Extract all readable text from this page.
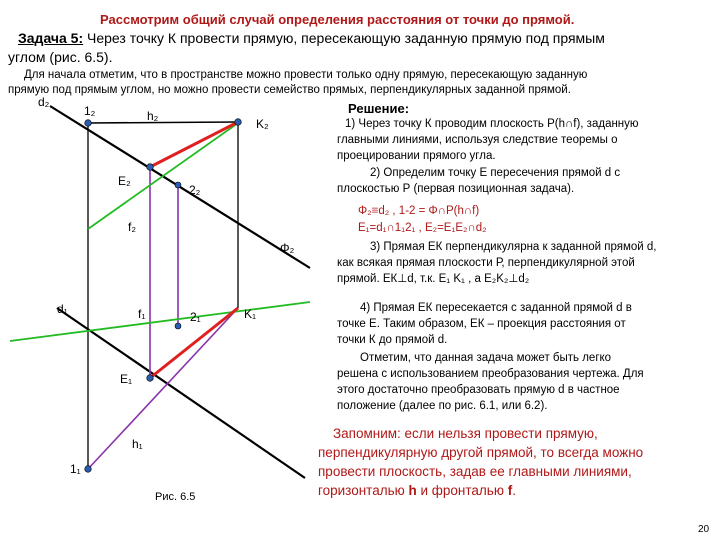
Рассмотрим общий случай определения расстояния от точки до прямой.
Задача 5: Через точку К провести прямую, пересекающую заданную прямую под прямым
углом (рис. 6.5).
Для начала отметим, что в пространстве можно провести только одну прямую, пересекающую заданную
прямую под прямым углом, но можно провести семейство прямых, перпендикулярных заданной прямой.
Решение:
1) Через точку К проводим плоскость Р(h∩f), заданную
главными линиями, используя следствие теоремы о
проецировании прямого угла.
2) Определим точку Е пересечения прямой d с
плоскостью Р (первая позиционная задача).
Φ₂≡d₂ , 1-2 = Φ∩P(h∩f)
E₁=d₁∩1₁2₁ , E₂=E₁E₂∩d₂
3) Прямая ЕК перпендикулярна к заданной прямой d,
как всякая прямая плоскости Р, перпендикулярной этой
прямой. ЕК⊥d, т.к. E₁ K₁ , а E₂K₂⊥d₂
4) Прямая ЕК пересекается с заданной прямой d в
точке Е. Таким образом, ЕК – проекция расстояния от
точки К до прямой d.
Отметим, что данная задача может быть легко
решена с использованием преобразования чертежа. Для
этого достаточно преобразовать прямую d в частное
положение (далее по рис. 6.1, или 6.2).
Запомним: если нельзя провести прямую,
перпендикулярную другой прямой, то всегда можно
провести плоскость, задав ее главными линиями,
горизонталью h и фронталью f.
d₂
1₂	h₂
K₂
E₂
2₂
f₂
Φ₂
d₁	f₁	2₁	K₁
E₁
h₁
1₁
Рис. 6.5
20
